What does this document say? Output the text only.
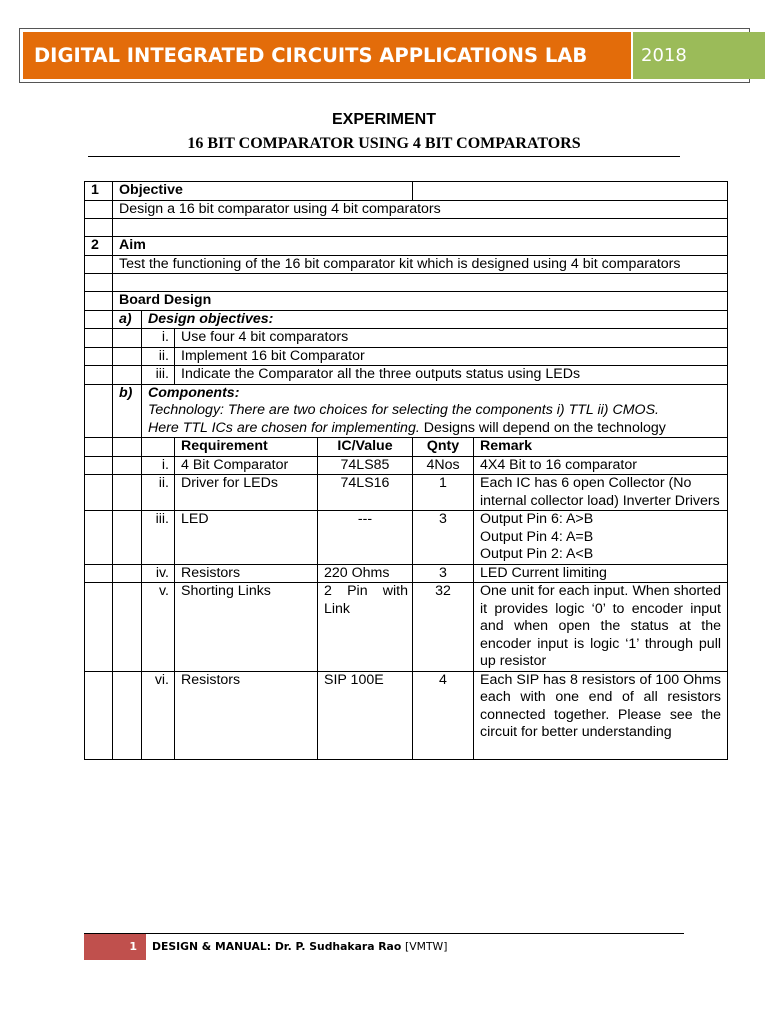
DIGITAL INTEGRATED CIRCUITS APPLICATIONS LAB	2018
EXPERIMENT
16 BIT COMPARATOR USING 4 BIT COMPARATORS
1	Objective					
	Design a 16 bit comparator using 4 bit comparators					

2	Aim					
	Test the functioning of the 16 bit comparator kit which is designed using 4 bit comparators					

	Board Design					
	a)	Design objectives:				
		i.	Use four 4 bit comparators			
		ii.	Implement 16 bit Comparator			
		iii.	Indicate the Comparator all the three outputs status using LEDs			
	b)	Components:
Technology: There are two choices for selecting the components i) TTL ii) CMOS.
Here TTL ICs are chosen for implementing. Designs will depend on the technology				

			Requirement	IC/Value	Qnty	Remark
		i.	4 Bit Comparator	74LS85	4Nos	4X4 Bit to 16 comparator
		ii.	Driver for LEDs	74LS16	1	Each IC has 6 open Collector (No internal collector load) Inverter Drivers
		iii.	LED	---	3	Output Pin 6: A>B
Output Pin 4: A=B
Output Pin 2: A<B

		iv.	Resistors	220 Ohms	3	LED Current limiting
		v.	Shorting Links	2 Pin with Link	32	One unit for each input. When shorted it provides logic ‘0’ to encoder input and when open the status at the encoder input is logic ‘1’ through pull up resistor
		vi.	Resistors	SIP 100E	4	Each SIP has 8 resistors of 100 Ohms each with one end of all resistors connected together. Please see the circuit for better understanding
1	DESIGN & MANUAL: Dr. P. Sudhakara Rao [VMTW]
